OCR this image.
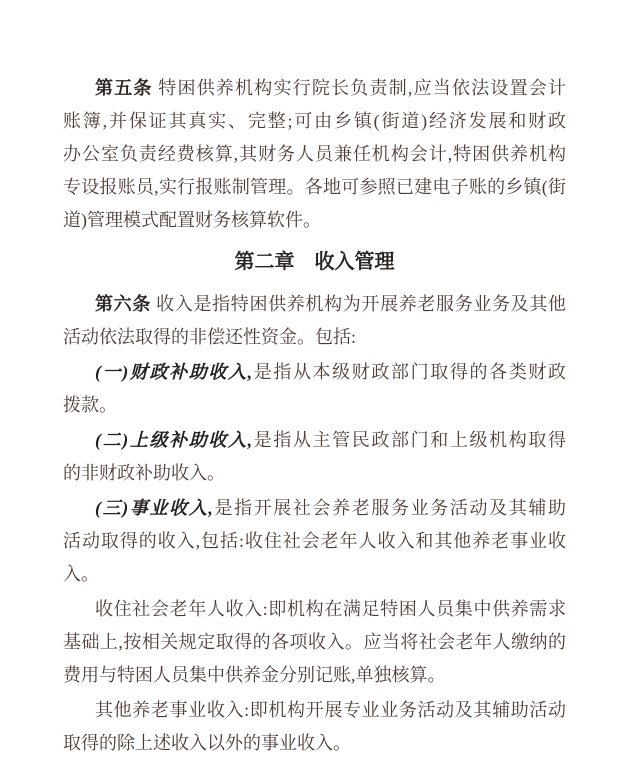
第五条 特困供养机构实行院长负责制,应当依法设置会计
账簿,并保证其真实、完整;可由乡镇(街道)经济发展和财政
办公室负责经费核算,其财务人员兼任机构会计,特困供养机构
专设报账员,实行报账制管理。各地可参照已建电子账的乡镇(街
道)管理模式配置财务核算软件。
第二章　收入管理
第六条 收入是指特困供养机构为开展养老服务业务及其他
活动依法取得的非偿还性资金。包括:
(一)财政补助收入,是指从本级财政部门取得的各类财政
拨款。
(二)上级补助收入,是指从主管民政部门和上级机构取得
的非财政补助收入。
(三)事业收入,是指开展社会养老服务业务活动及其辅助
活动取得的收入,包括:收住社会老年人收入和其他养老事业收
入。
收住社会老年人收入:即机构在满足特困人员集中供养需求
基础上,按相关规定取得的各项收入。应当将社会老年人缴纳的
费用与特困人员集中供养金分别记账,单独核算。
其他养老事业收入:即机构开展专业业务活动及其辅助活动
取得的除上述收入以外的事业收入。
